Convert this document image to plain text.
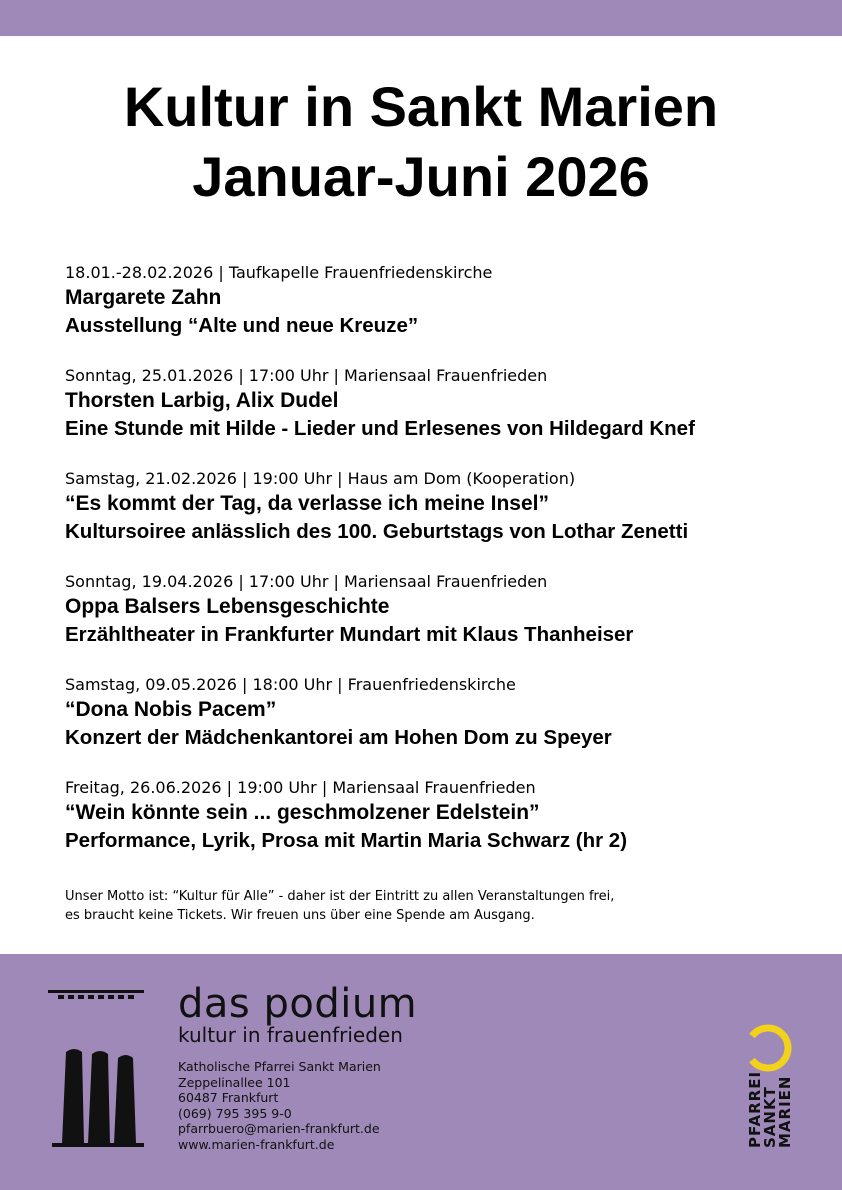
Kultur in Sankt Marien
Januar-Juni 2026
18.01.-28.02.2026 | Taufkapelle Frauenfriedenskirche
Margarete Zahn
Ausstellung “Alte und neue Kreuze”
Sonntag, 25.01.2026 | 17:00 Uhr | Mariensaal Frauenfrieden
Thorsten Larbig, Alix Dudel
Eine Stunde mit Hilde - Lieder und Erlesenes von Hildegard Knef
Samstag, 21.02.2026 | 19:00 Uhr | Haus am Dom (Kooperation)
“Es kommt der Tag, da verlasse ich meine Insel”
Kultursoiree anlässlich des 100. Geburtstags von Lothar Zenetti
Sonntag, 19.04.2026 | 17:00 Uhr | Mariensaal Frauenfrieden
Oppa Balsers Lebensgeschichte
Erzähltheater in Frankfurter Mundart mit Klaus Thanheiser
Samstag, 09.05.2026 | 18:00 Uhr | Frauenfriedenskirche
“Dona Nobis Pacem”
Konzert der Mädchenkantorei am Hohen Dom zu Speyer
Freitag, 26.06.2026 | 19:00 Uhr | Mariensaal Frauenfrieden
“Wein könnte sein ... geschmolzener Edelstein”
Performance, Lyrik, Prosa mit Martin Maria Schwarz (hr 2)
Unser Motto ist: “Kultur für Alle” - daher ist der Eintritt zu allen Veranstaltungen frei,
es braucht keine Tickets. Wir freuen uns über eine Spende am Ausgang.
das podium
kultur in frauenfrieden
Katholische Pfarrei Sankt Marien
Zeppelinallee 101
60487 Frankfurt
(069) 795 395 9-0
pfarrbuero@marien-frankfurt.de
www.marien-frankfurt.de	PFARREI
SANKT
MARIEN
